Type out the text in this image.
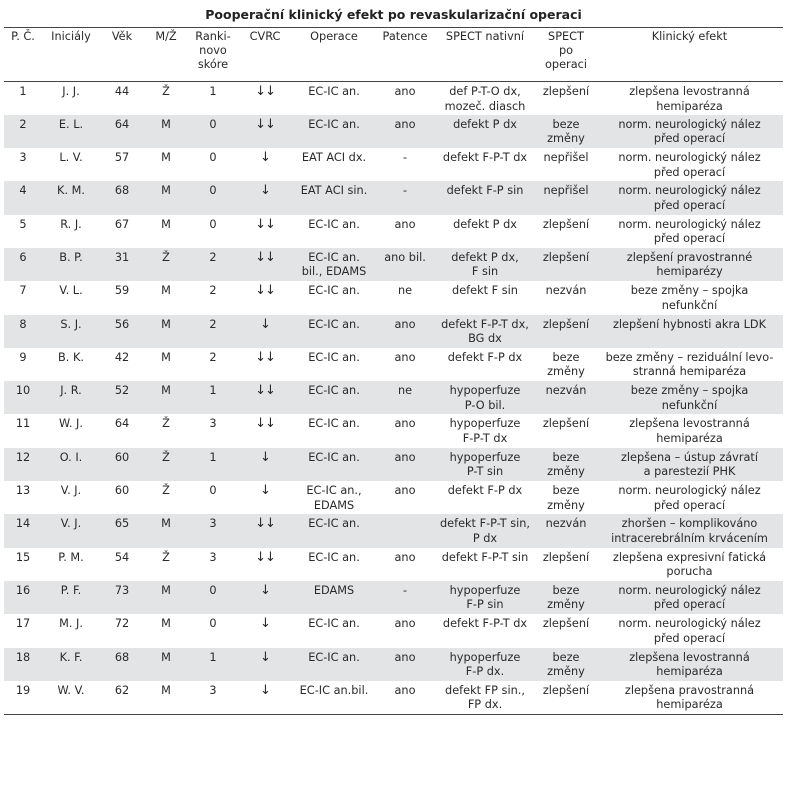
Pooperační klinický efekt po revaskularizační operaci
P. Č.	Iniciály	Věk	M/Ž	Ranki-
novo
skóre	CVRC	Operace	Patence	SPECT nativní	SPECT
po
operaci	Klinický efekt
1	J. J.	44	Ž	1	↓↓	EC-IC an.	ano	def P-T-O dx,
mozeč. diasch	zlepšení	zlepšena levostranná
hemiparéza
2	E. L.	64	M	0	↓↓	EC-IC an.	ano	defekt P dx	beze
změny	norm. neurologický nález
před operací
3	L. V.	57	M	0	↓	EAT ACI dx.	-	defekt F-P-T dx	nepřišel	norm. neurologický nález
před operací
4	K. M.	68	M	0	↓	EAT ACI sin.	-	defekt F-P sin	nepřišel	norm. neurologický nález
před operací
5	R. J.	67	M	0	↓↓	EC-IC an.	ano	defekt P dx	zlepšení	norm. neurologický nález
před operací
6	B. P.	31	Ž	2	↓↓	EC-IC an.
bil., EDAMS	ano bil.	defekt P dx,
F sin	zlepšení	zlepšení pravostranné
hemiparézy
7	V. L.	59	M	2	↓↓	EC-IC an.	ne	defekt F sin	nezván	beze změny – spojka
nefunkční
8	S. J.	56	M	2	↓	EC-IC an.	ano	defekt F-P-T dx,
BG dx	zlepšení	zlepšení hybnosti akra LDK
9	B. K.	42	M	2	↓↓	EC-IC an.	ano	defekt F-P dx	beze
změny	beze změny – reziduální levo-
stranná hemiparéza
10	J. R.	52	M	1	↓↓	EC-IC an.	ne	hypoperfuze
P-O bil.	nezván	beze změny – spojka
nefunkční
11	W. J.	64	Ž	3	↓↓	EC-IC an.	ano	hypoperfuze
F-P-T dx	zlepšení	zlepšena levostranná
hemiparéza
12	O. I.	60	Ž	1	↓	EC-IC an.	ano	hypoperfuze
P-T sin	beze
změny	zlepšena – ústup závratí
a parestezií PHK
13	V. J.	60	Ž	0	↓	EC-IC an.,
EDAMS	ano	defekt F-P dx	beze
změny	norm. neurologický nález
před operací
14	V. J.	65	M	3	↓↓	EC-IC an.		defekt F-P-T sin,
P dx	nezván	zhoršen – komplikováno
intracerebrálním krvácením
15	P. M.	54	Ž	3	↓↓	EC-IC an.	ano	defekt F-P-T sin	zlepšení	zlepšena expresivní fatická
porucha
16	P. F.	73	M	0	↓	EDAMS	-	hypoperfuze
F-P sin	beze
změny	norm. neurologický nález
před operací
17	M. J.	72	M	0	↓	EC-IC an.	ano	defekt F-P-T dx	zlepšení	norm. neurologický nález
před operací
18	K. F.	68	M	1	↓	EC-IC an.	ano	hypoperfuze
F-P dx.	beze
změny	zlepšena levostranná
hemiparéza
19	W. V.	62	M	3	↓	EC-IC an.bil.	ano	defekt FP sin.,
FP dx.	zlepšení	zlepšena pravostranná
hemiparéza
